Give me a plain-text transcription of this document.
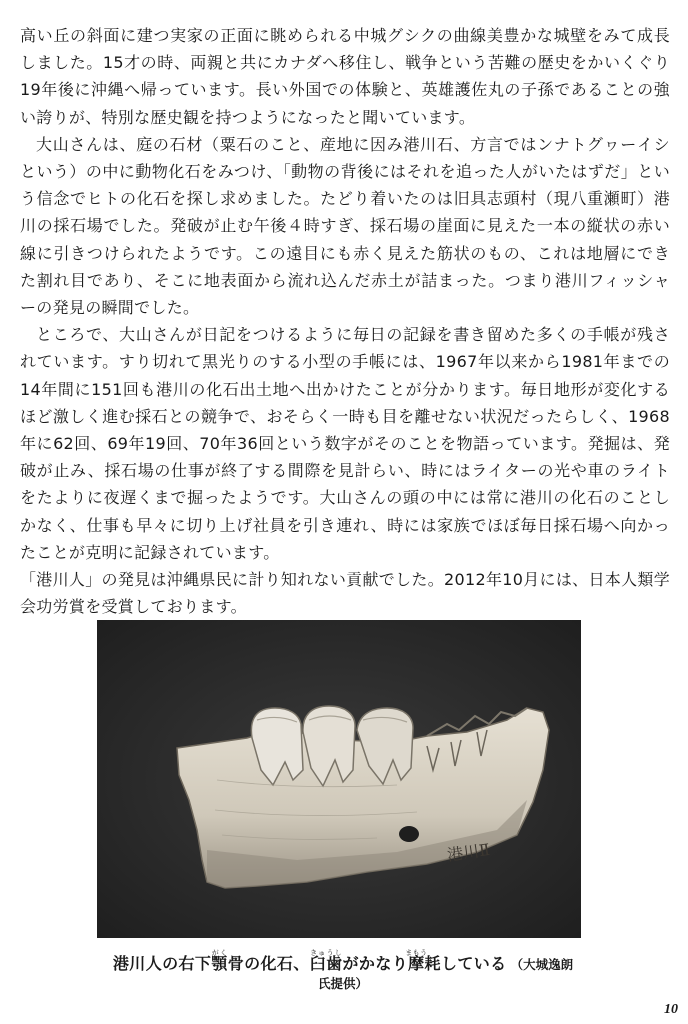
高い丘の斜面に建つ実家の正面に眺められる中城グシクの曲線美豊かな城壁をみて成長しました。15才の時、両親と共にカナダへ移住し、戦争という苦難の歴史をかいくぐり19年後に沖縄へ帰っています。長い外国での体験と、英雄護佐丸の子孫であることの強い誇りが、特別な歴史観を持つようになったと聞いています。

大山さんは、庭の石材（粟石のこと、産地に因み港川石、方言ではンナトグヮーイシという）の中に動物化石をみつけ、「動物の背後にはそれを追った人がいたはずだ」という信念でヒトの化石を探し求めました。たどり着いたのは旧具志頭村（現八重瀬町）港川の採石場でした。発破が止む午後４時すぎ、採石場の崖面に見えた一本の縦状の赤い線に引きつけられたようです。この遠目にも赤く見えた筋状のもの、これは地層にできた割れ目であり、そこに地表面から流れ込んだ赤土が詰まった。つまり港川フィッシャーの発見の瞬間でした。

ところで、大山さんが日記をつけるように毎日の記録を書き留めた多くの手帳が残されています。すり切れて黒光りのする小型の手帳には、1967年以来から1981年までの14年間に151回も港川の化石出土地へ出かけたことが分かります。毎日地形が変化するほど激しく進む採石との競争で、おそらく一時も目を離せない状況だったらしく、1968年に62回、69年19回、70年36回という数字がそのことを物語っています。発掘は、発破が止み、採石場の仕事が終了する間際を見計らい、時にはライターの光や車のライトをたよりに夜遅くまで掘ったようです。大山さんの頭の中には常に港川の化石のことしかなく、仕事も早々に切り上げ社員を引き連れ、時には家族でほぼ毎日採石場へ向かったことが克明に記録されています。

「港川人」の発見は沖縄県民に計り知れない貢献でした。2012年10月には、日本人類学会功労賞を受賞しております。

港川Ⅱ
港川人の右下顎がく骨の化石、臼歯きゅうしがかなり摩まもう耗している （大城逸朗氏提供）
10
